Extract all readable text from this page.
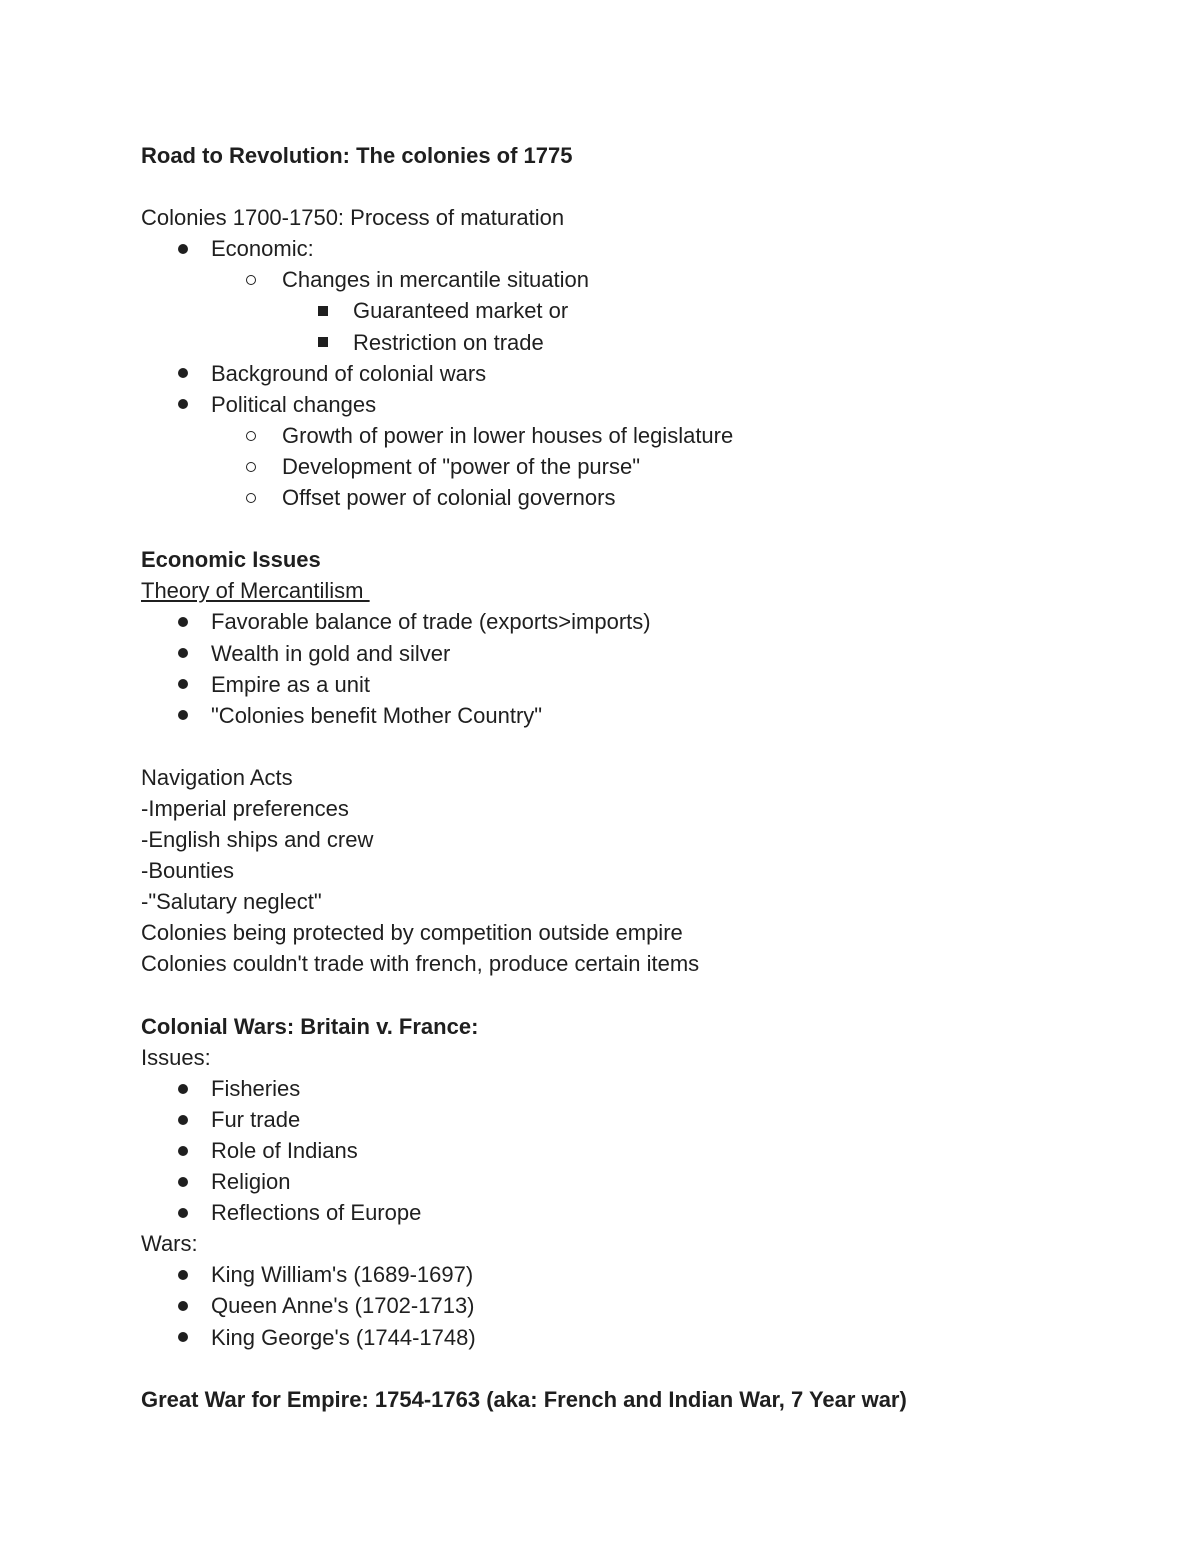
Road to Revolution: The colonies of 1775
Colonies 1700-1750: Process of maturation
Economic:
Changes in mercantile situation
Guaranteed market or
Restriction on trade
Background of colonial wars
Political changes
Growth of power in lower houses of legislature
Development of "power of the purse"
Offset power of colonial governors
Economic Issues
Theory of Mercantilism
Favorable balance of trade (exports>imports)
Wealth in gold and silver
Empire as a unit
"Colonies benefit Mother Country"
Navigation Acts
-Imperial preferences
-English ships and crew
-Bounties
-"Salutary neglect"
Colonies being protected by competition outside empire
Colonies couldn't trade with french, produce certain items
Colonial Wars: Britain v. France:
Issues:
Fisheries
Fur trade
Role of Indians
Religion
Reflections of Europe
Wars:
King William's (1689-1697)
Queen Anne's (1702-1713)
King George's (1744-1748)
Great War for Empire: 1754-1763 (aka: French and Indian War, 7 Year war)
